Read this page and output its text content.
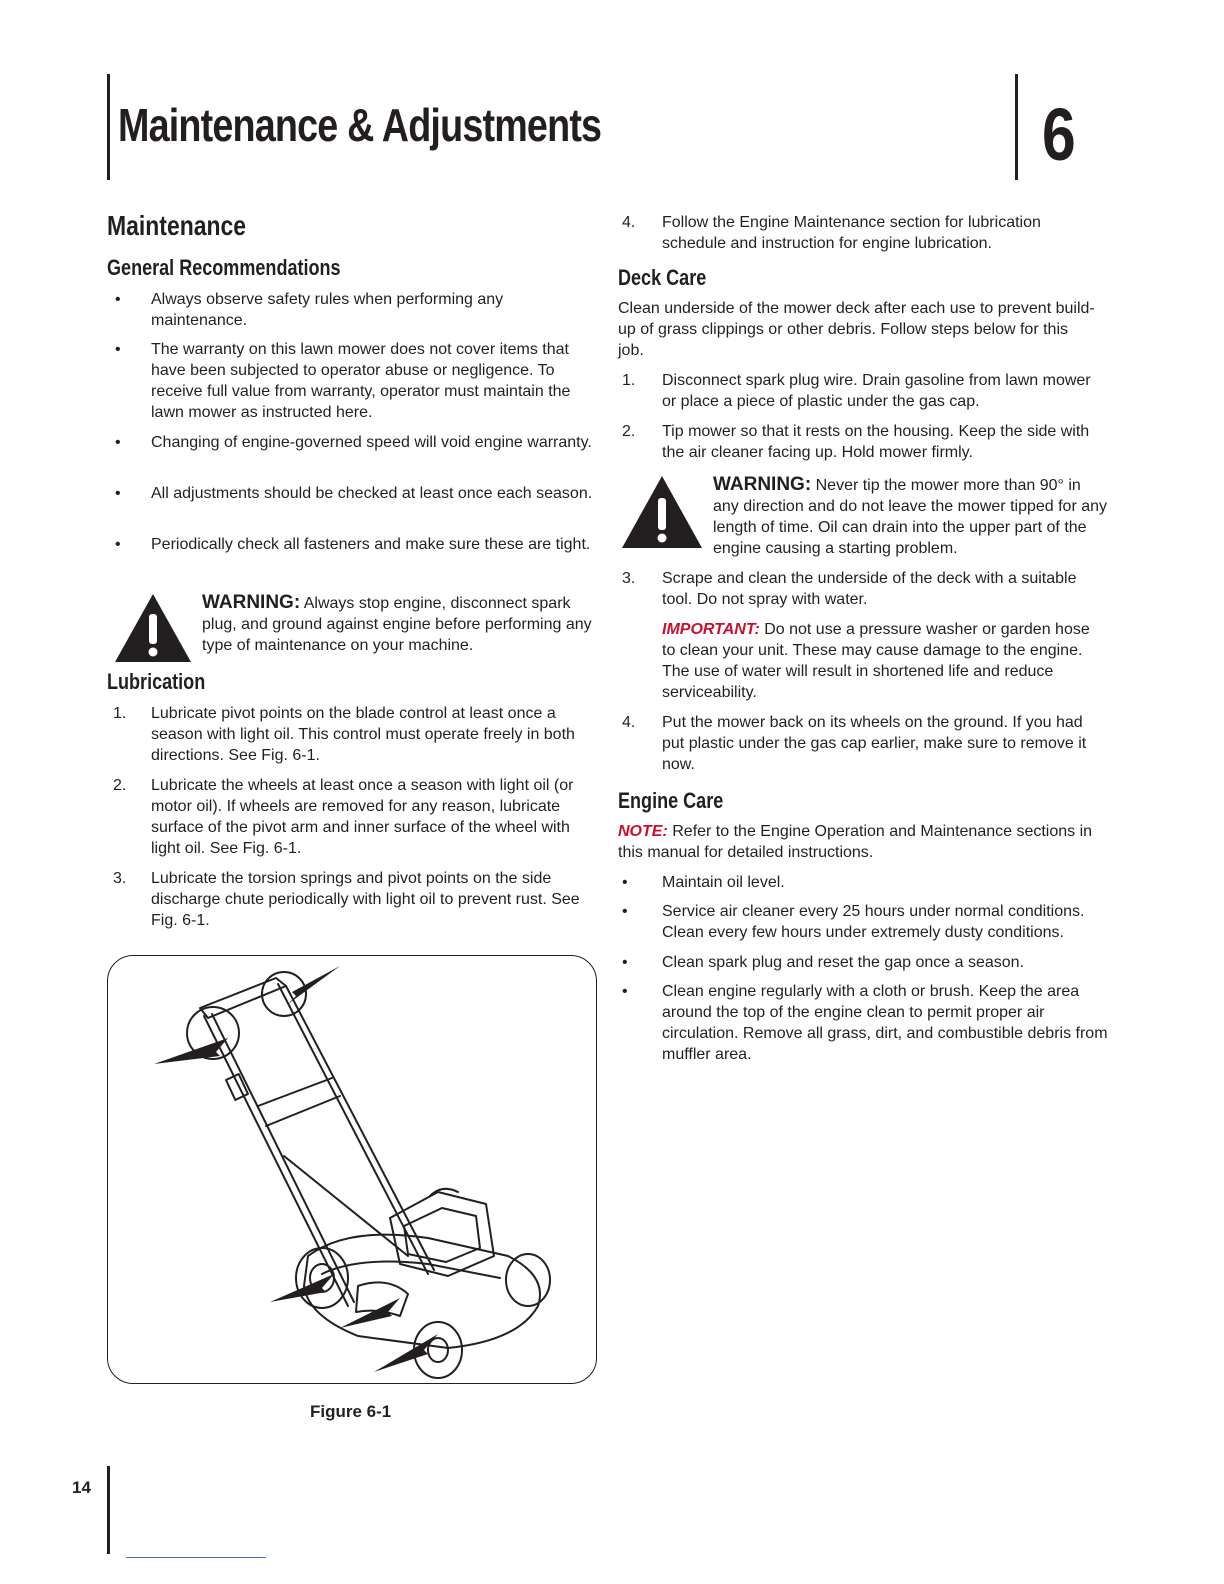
Maintenance & Adjustments	6
Maintenance
General Recommendations
• Always observe safety rules when performing any maintenance.
• The warranty on this lawn mower does not cover items that have been subjected to operator abuse or negligence. To receive full value from warranty, operator must maintain the lawn mower as instructed here.
• Changing of engine-governed speed will void engine warranty.
• All adjustments should be checked at least once each season.
• Periodically check all fasteners and make sure these are tight.
WARNING: Always stop engine, disconnect spark plug, and ground against engine before performing any type of maintenance on your machine.
Lubrication
1. Lubricate pivot points on the blade control at least once a season with light oil. This control must operate freely in both directions. See Fig. 6-1.
2. Lubricate the wheels at least once a season with light oil (or motor oil). If wheels are removed for any reason, lubricate surface of the pivot arm and inner surface of the wheel with light oil. See Fig. 6-1.
3. Lubricate the torsion springs and pivot points on the side discharge chute periodically with light oil to prevent rust. See Fig. 6-1.
Figure 6-1
4. Follow the Engine Maintenance section for lubrication schedule and instruction for engine lubrication.
Deck Care
Clean underside of the mower deck after each use to prevent build-up of grass clippings or other debris. Follow steps below for this job.
1. Disconnect spark plug wire. Drain gasoline from lawn mower or place a piece of plastic under the gas cap.
2. Tip mower so that it rests on the housing. Keep the side with the air cleaner facing up. Hold mower firmly.
WARNING: Never tip the mower more than 90° in any direction and do not leave the mower tipped for any length of time. Oil can drain into the upper part of the engine causing a starting problem.
3. Scrape and clean the underside of the deck with a suitable tool. Do not spray with water.
IMPORTANT: Do not use a pressure washer or garden hose to clean your unit. These may cause damage to the engine. The use of water will result in shortened life and reduce serviceability.
4. Put the mower back on its wheels on the ground. If you had put plastic under the gas cap earlier, make sure to remove it now.
Engine Care
NOTE: Refer to the Engine Operation and Maintenance sections in this manual for detailed instructions.
• Maintain oil level.
• Service air cleaner every 25 hours under normal conditions. Clean every few hours under extremely dusty conditions.
• Clean spark plug and reset the gap once a season.
• Clean engine regularly with a cloth or brush. Keep the area around the top of the engine clean to permit proper air circulation. Remove all grass, dirt, and combustible debris from muffler area.
14
